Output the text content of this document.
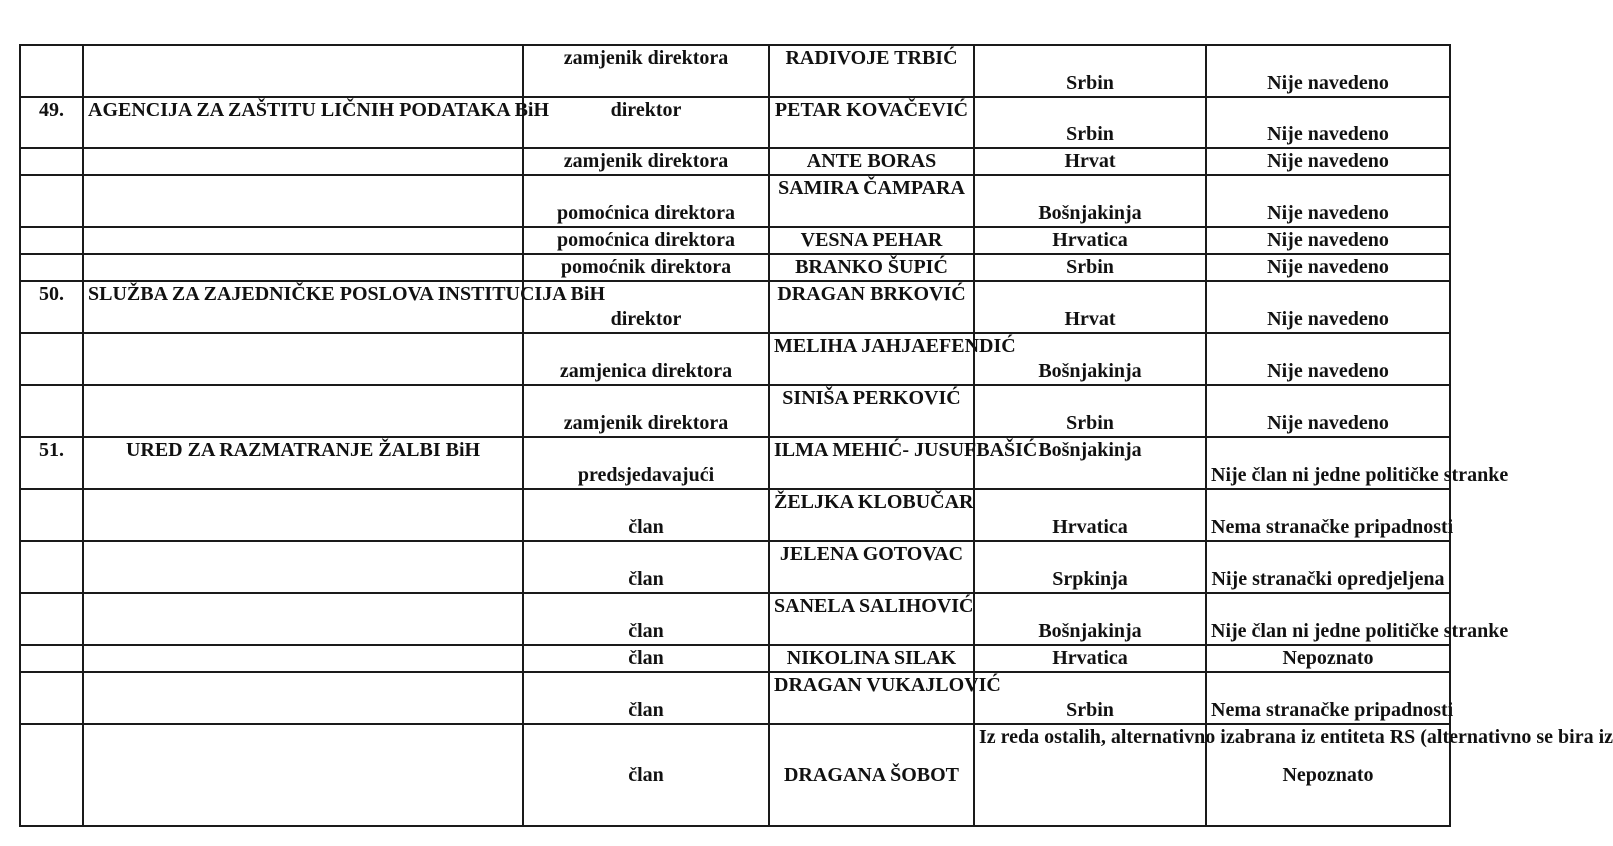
		zamjenik direktora	RADIVOJE TRBIĆ	Srbin	Nije navedeno
49.	AGENCIJA ZA ZAŠTITU LIČNIH PODATAKA BiH	direktor	PETAR KOVAČEVIĆ	Srbin	Nije navedeno
		zamjenik direktora	ANTE BORAS	Hrvat	Nije navedeno
		pomoćnica direktora	SAMIRA ČAMPARA	Bošnjakinja	Nije navedeno
		pomoćnica direktora	VESNA PEHAR	Hrvatica	Nije navedeno
		pomoćnik direktora	BRANKO ŠUPIĆ	Srbin	Nije navedeno
50.	SLUŽBA ZA ZAJEDNIČKE POSLOVA INSTITUCIJA BiH	direktor	DRAGAN BRKOVIĆ	Hrvat	Nije navedeno
		zamjenica direktora	MELIHA JAHJAEFENDIĆ	Bošnjakinja	Nije navedeno
		zamjenik direktora	SINIŠA PERKOVIĆ	Srbin	Nije navedeno
51.	URED ZA RAZMATRANJE ŽALBI BiH	predsjedavajući	ILMA MEHIĆ- JUSUFBAŠIĆ	Bošnjakinja	Nije član ni jedne političke stranke
		član	ŽELJKA KLOBUČAR	Hrvatica	Nema stranačke pripadnosti
		član	JELENA GOTOVAC	Srpkinja	Nije stranački opredjeljena
		član	SANELA SALIHOVIĆ	Bošnjakinja	Nije član ni jedne političke stranke
		član	NIKOLINA SILAK	Hrvatica	Nepoznato
		član	DRAGAN VUKAJLOVIĆ	Srbin	Nema stranačke pripadnosti
		član	DRAGANA ŠOBOT	Iz reda ostalih, alternativno izabrana iz entiteta RS (alternativno se bira iz	Nepoznato
